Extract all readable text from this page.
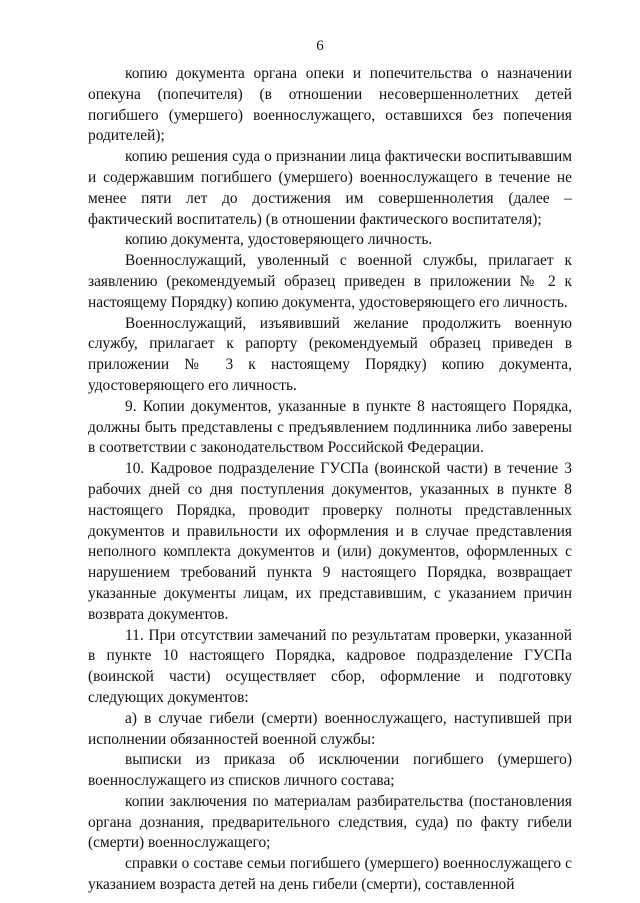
6

копию документа органа опеки и попечительства о назначении опекуна (попечителя) (в отношении несовершеннолетних детей погибшего (умершего) военнослужащего, оставшихся без попечения родителей);

копию решения суда о признании лица фактически воспитывавшим и содержавшим погибшего (умершего) военнослужащего в течение не менее пяти лет до достижения им совершеннолетия (далее – фактический воспитатель) (в отношении фактического воспитателя);

копию документа, удостоверяющего личность.

Военнослужащий, уволенный с военной службы, прилагает к заявлению (рекомендуемый образец приведен в приложении № 2 к настоящему Порядку) копию документа, удостоверяющего его личность.

Военнослужащий, изъявивший желание продолжить военную службу, прилагает к рапорту (рекомендуемый образец приведен в приложении № 3 к настоящему Порядку) копию документа, удостоверяющего его личность.

9. Копии документов, указанные в пункте 8 настоящего Порядка, должны быть представлены с предъявлением подлинника либо заверены в соответствии с законодательством Российской Федерации.

10. Кадровое подразделение ГУСПа (воинской части) в течение 3 рабочих дней со дня поступления документов, указанных в пункте 8 настоящего Порядка, проводит проверку полноты представленных документов и правильности их оформления и в случае представления неполного комплекта документов и (или) документов, оформленных с нарушением требований пункта 9 настоящего Порядка, возвращает указанные документы лицам, их представившим, с указанием причин возврата документов.

11. При отсутствии замечаний по результатам проверки, указанной в пункте 10 настоящего Порядка, кадровое подразделение ГУСПа (воинской части) осуществляет сбор, оформление и подготовку следующих документов:

а) в случае гибели (смерти) военнослужащего, наступившей при исполнении обязанностей военной службы:

выписки из приказа об исключении погибшего (умершего) военнослужащего из списков личного состава;

копии заключения по материалам разбирательства (постановления органа дознания, предварительного следствия, суда) по факту гибели (смерти) военнослужащего;

справки о составе семьи погибшего (умершего) военнослужащего с указанием возраста детей на день гибели (смерти), составленной
